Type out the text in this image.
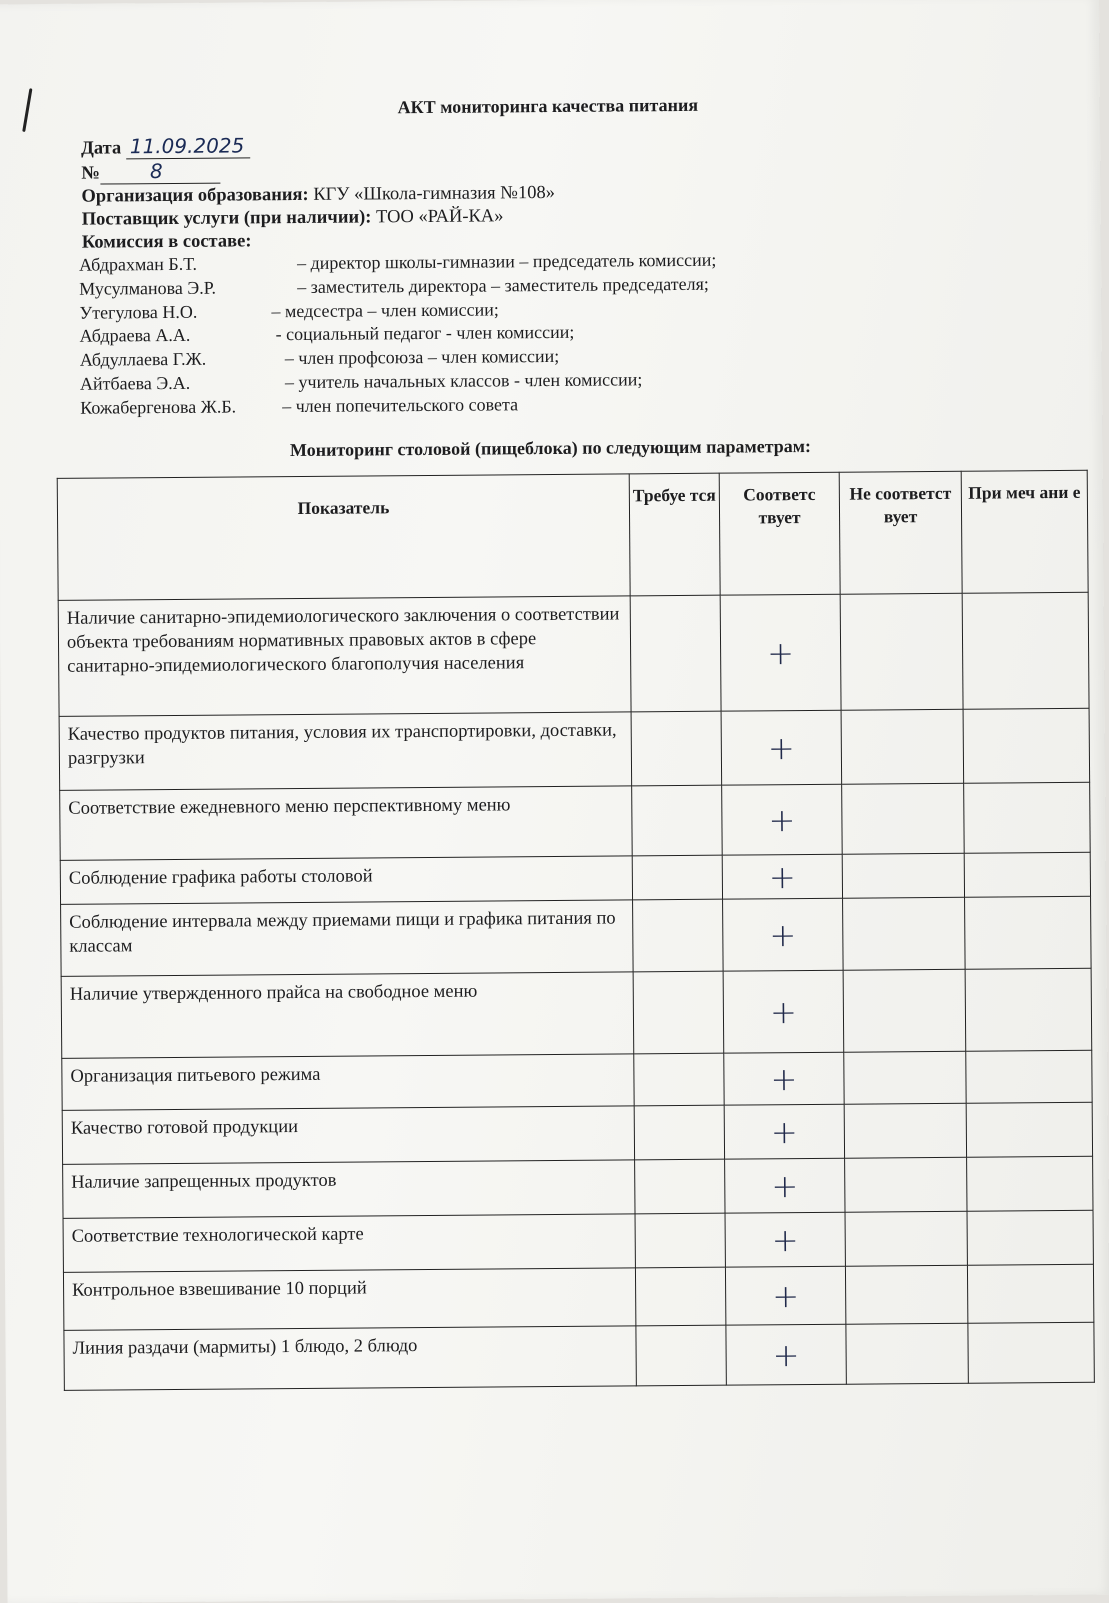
АКТ мониторинга качества питания
Дата 11.09.2025
№ 8
Организация образования: КГУ «Школа-гимназия №108»
Поставщик услуги (при наличии): ТОО «РАЙ-КА»
Комиссия в составе:
Абдрахман Б.Т.	– директор школы-гимназии – председатель комиссии;
Мусулманова Э.Р.	– заместитель директора – заместитель председателя;
Утегулова Н.О.	– медсестра – член комиссии;
Абдраева А.А.	- социальный педагог - член комиссии;
Абдуллаева Г.Ж.	– член профсоюза – член комиссии;
Айтбаева Э.А.	– учитель начальных классов - член комиссии;
Кожабергенова Ж.Б.	– член попечительского совета
Мониторинг столовой (пищеблока) по следующим параметрам:
Показатель	Требуе тся	Соответс твует	Не соответст вует	При меч ани е
Наличие санитарно-эпидемиологического заключения о соответствии объекта требованиям нормативных правовых актов в сфере санитарно-эпидемиологического благополучия населения		+		
Качество продуктов питания, условия их транспортировки, доставки, разгрузки		+		
Соответствие ежедневного меню перспективному меню		+		
Соблюдение графика работы столовой		+		
Соблюдение интервала между приемами пищи и графика питания по классам		+		
Наличие утвержденного прайса на свободное меню		+		
Организация питьевого режима		+		
Качество готовой продукции		+		
Наличие запрещенных продуктов		+		
Соответствие технологической карте		+		
Контрольное взвешивание 10 порций		+		
Линия раздачи (мармиты) 1 блюдо, 2 блюдо		+		
